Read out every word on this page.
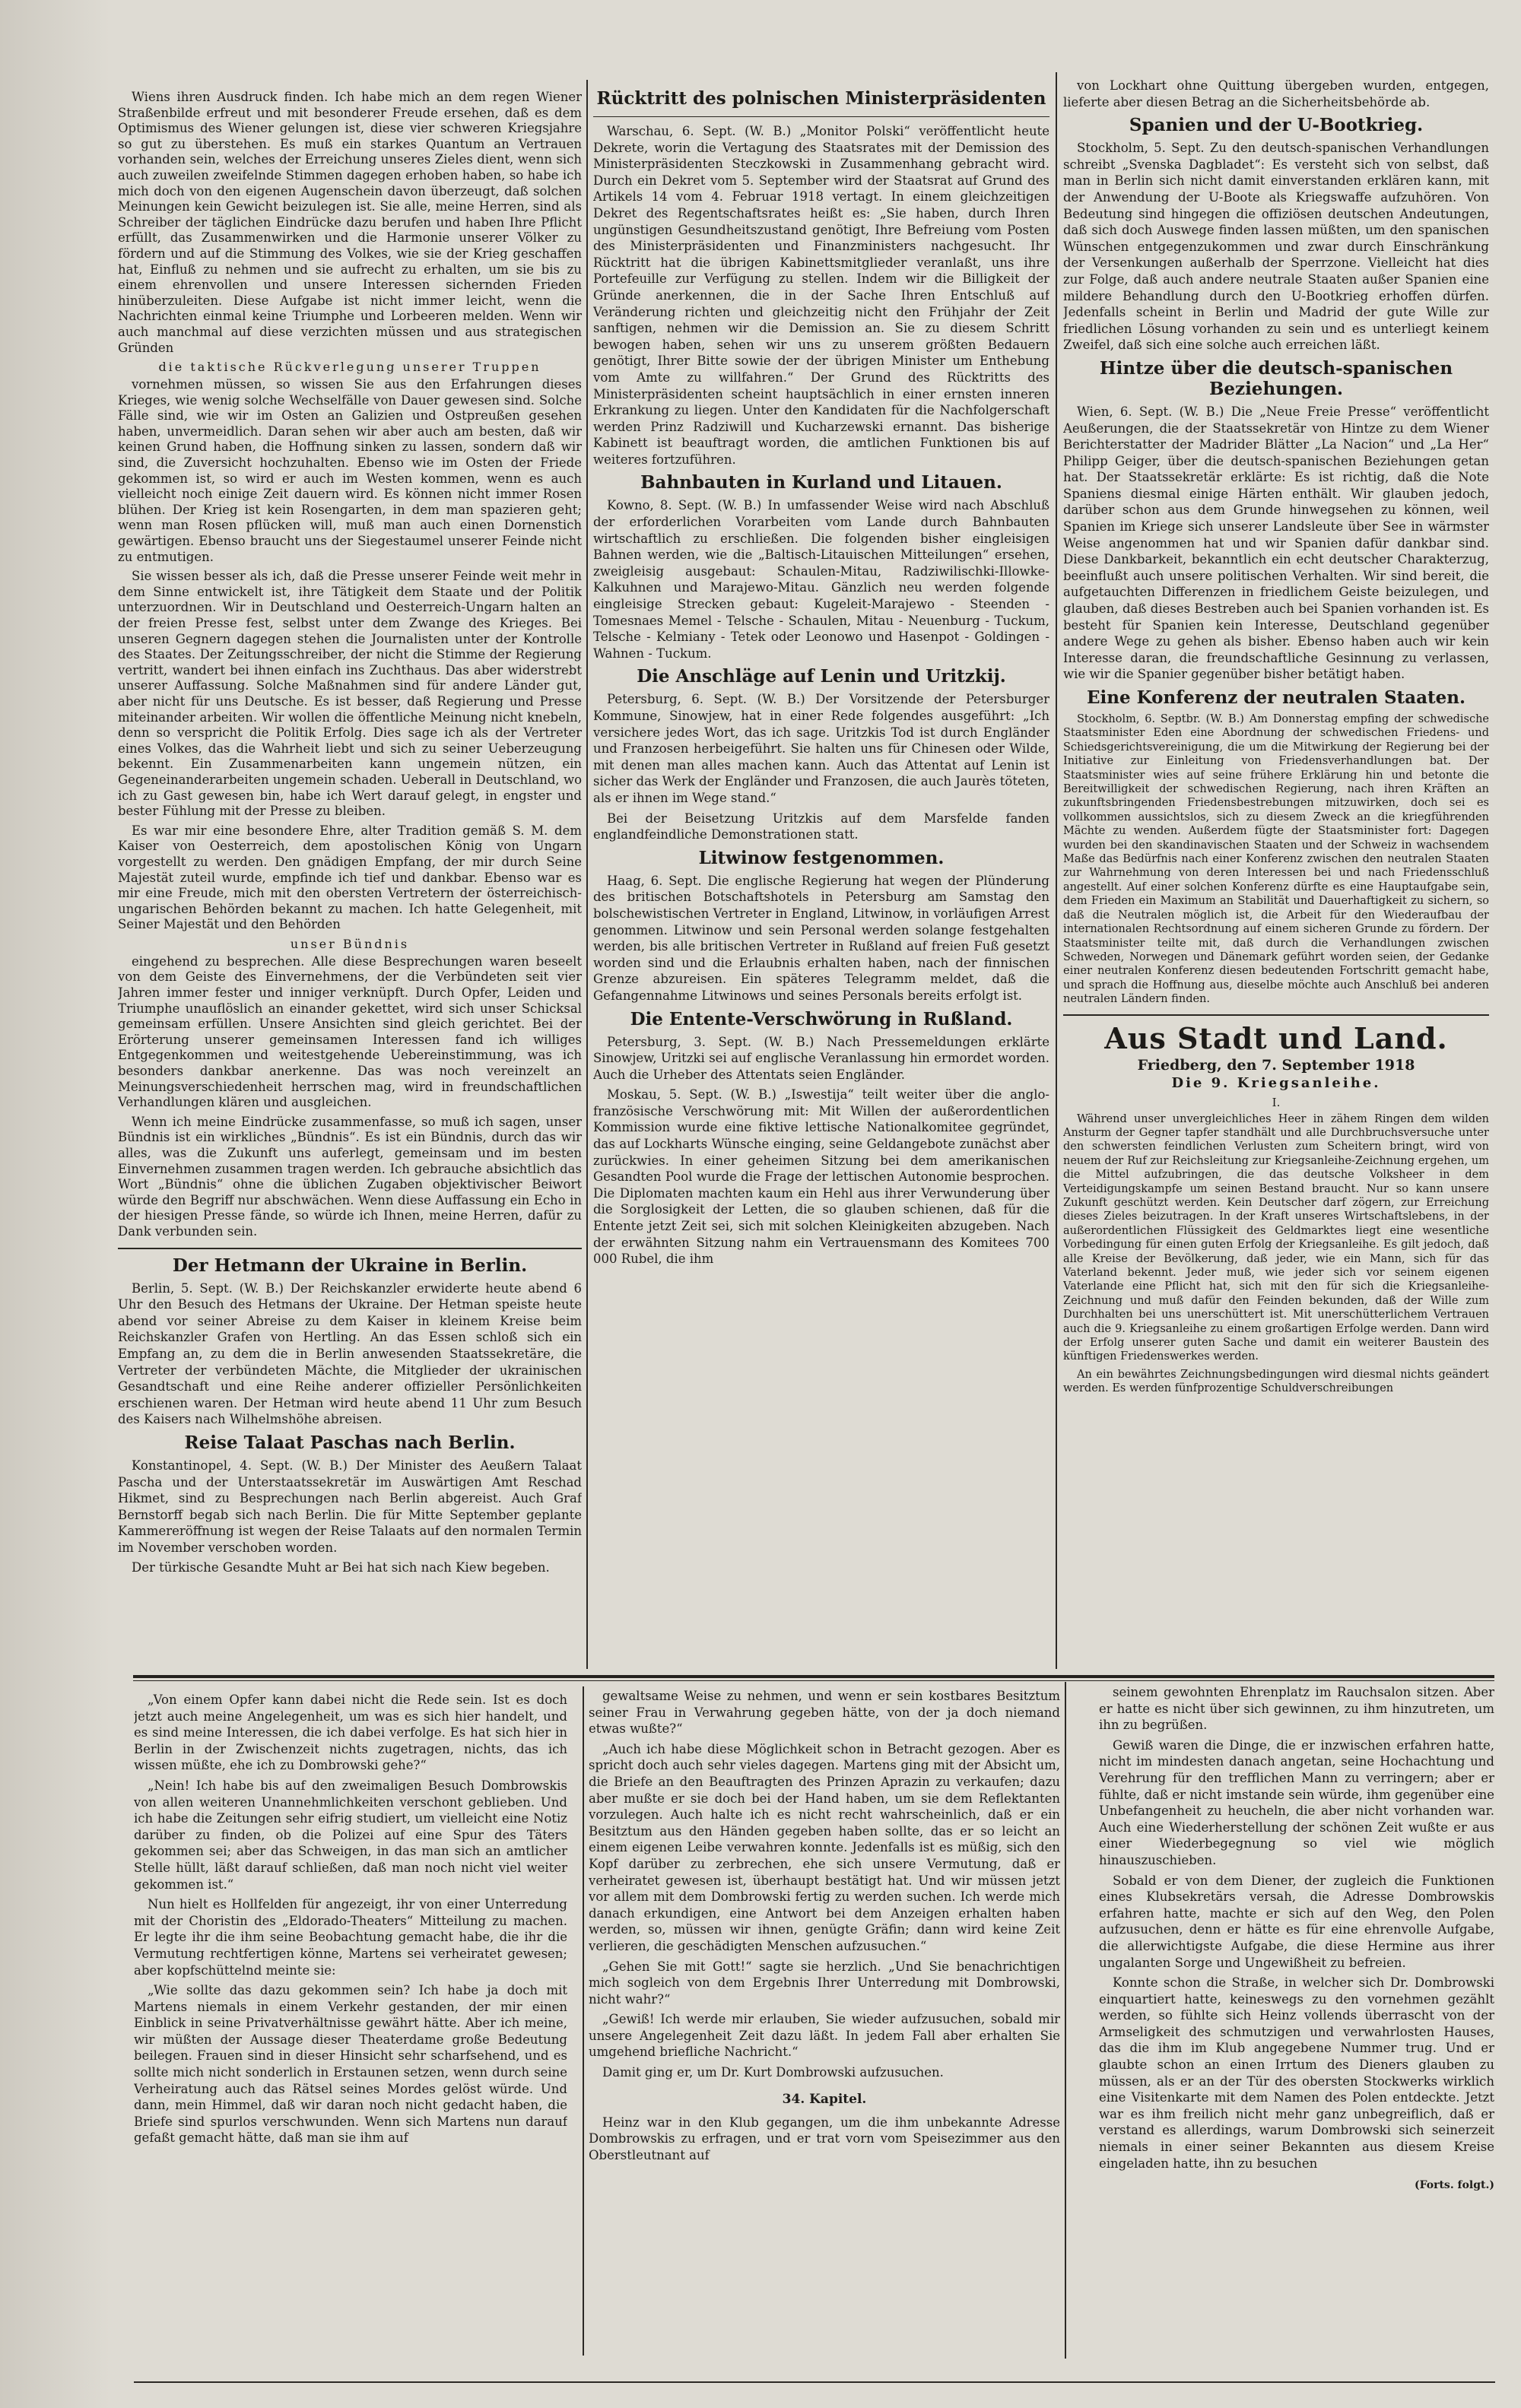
Wiens ihren Ausdruck finden. Ich habe mich an dem regen Wiener Straßenbilde erfreut und mit besonderer Freude ersehen, daß es dem Optimismus des Wiener gelungen ist, diese vier schweren Kriegsjahre so gut zu überstehen. Es muß ein starkes Quantum an Vertrauen vorhanden sein, welches der Erreichung unseres Zieles dient, wenn sich auch zuweilen zweifelnde Stimmen dagegen erhoben haben, so habe ich mich doch von den eigenen Augenschein davon überzeugt, daß solchen Meinungen kein Gewicht beizulegen ist. Sie alle, meine Herren, sind als Schreiber der täglichen Eindrücke dazu berufen und haben Ihre Pflicht erfüllt, das Zusammenwirken und die Harmonie unserer Völker zu fördern und auf die Stimmung des Volkes, wie sie der Krieg geschaffen hat, Einfluß zu nehmen und sie aufrecht zu erhalten, um sie bis zu einem ehrenvollen und unsere Interessen sichernden Frieden hinüberzuleiten. Diese Aufgabe ist nicht immer leicht, wenn die Nachrichten einmal keine Triumphe und Lorbeeren melden. Wenn wir auch manchmal auf diese verzichten müssen und aus strategischen Gründen

die taktische Rückverlegung unserer Truppen

vornehmen müssen, so wissen Sie aus den Erfahrungen dieses Krieges, wie wenig solche Wechselfälle von Dauer gewesen sind. Solche Fälle sind, wie wir im Osten an Galizien und Ostpreußen gesehen haben, unvermeidlich. Daran sehen wir aber auch am besten, daß wir keinen Grund haben, die Hoffnung sinken zu lassen, sondern daß wir sind, die Zuversicht hochzuhalten. Ebenso wie im Osten der Friede gekommen ist, so wird er auch im Westen kommen, wenn es auch vielleicht noch einige Zeit dauern wird. Es können nicht immer Rosen blühen. Der Krieg ist kein Rosengarten, in dem man spazieren geht; wenn man Rosen pflücken will, muß man auch einen Dornenstich gewärtigen. Ebenso braucht uns der Siegestaumel unserer Feinde nicht zu entmutigen.

Sie wissen besser als ich, daß die Presse unserer Feinde weit mehr in dem Sinne entwickelt ist, ihre Tätigkeit dem Staate und der Politik unterzuordnen. Wir in Deutschland und Oesterreich-Ungarn halten an der freien Presse fest, selbst unter dem Zwange des Krieges. Bei unseren Gegnern dagegen stehen die Journalisten unter der Kontrolle des Staates. Der Zeitungsschreiber, der nicht die Stimme der Regierung vertritt, wandert bei ihnen einfach ins Zuchthaus. Das aber widerstrebt unserer Auffassung. Solche Maßnahmen sind für andere Länder gut, aber nicht für uns Deutsche. Es ist besser, daß Regierung und Presse miteinander arbeiten. Wir wollen die öffentliche Meinung nicht knebeln, denn so verspricht die Politik Erfolg. Dies sage ich als der Vertreter eines Volkes, das die Wahrheit liebt und sich zu seiner Ueberzeugung bekennt. Ein Zusammenarbeiten kann ungemein nützen, ein Gegeneinanderarbeiten ungemein schaden. Ueberall in Deutschland, wo ich zu Gast gewesen bin, habe ich Wert darauf gelegt, in engster und bester Fühlung mit der Presse zu bleiben.

Es war mir eine besondere Ehre, alter Tradition gemäß S. M. dem Kaiser von Oesterreich, dem apostolischen König von Ungarn vorgestellt zu werden. Den gnädigen Empfang, der mir durch Seine Majestät zuteil wurde, empfinde ich tief und dankbar. Ebenso war es mir eine Freude, mich mit den obersten Vertretern der österreichisch-ungarischen Behörden bekannt zu machen. Ich hatte Gelegenheit, mit Seiner Majestät und den Behörden

unser Bündnis

eingehend zu besprechen. Alle diese Besprechungen waren beseelt von dem Geiste des Einvernehmens, der die Verbündeten seit vier Jahren immer fester und inniger verknüpft. Durch Opfer, Leiden und Triumphe unauflöslich an einander gekettet, wird sich unser Schicksal gemeinsam erfüllen. Unsere Ansichten sind gleich gerichtet. Bei der Erörterung unserer gemeinsamen Interessen fand ich williges Entgegenkommen und weitestgehende Uebereinstimmung, was ich besonders dankbar anerkenne. Das was noch vereinzelt an Meinungsverschiedenheit herrschen mag, wird in freundschaftlichen Verhandlungen klären und ausgleichen.

Wenn ich meine Eindrücke zusammenfasse, so muß ich sagen, unser Bündnis ist ein wirkliches „Bündnis“. Es ist ein Bündnis, durch das wir alles, was die Zukunft uns auferlegt, gemeinsam und im besten Einvernehmen zusammen tragen werden. Ich gebrauche absichtlich das Wort „Bündnis“ ohne die üblichen Zugaben objektivischer Beiwort würde den Begriff nur abschwächen. Wenn diese Auffassung ein Echo in der hiesigen Presse fände, so würde ich Ihnen, meine Herren, dafür zu Dank verbunden sein.

Der Hetmann der Ukraine in Berlin.

Berlin, 5. Sept. (W. B.) Der Reichskanzler erwiderte heute abend 6 Uhr den Besuch des Hetmans der Ukraine. Der Hetman speiste heute abend vor seiner Abreise zu dem Kaiser in kleinem Kreise beim Reichskanzler Grafen von Hertling. An das Essen schloß sich ein Empfang an, zu dem die in Berlin anwesenden Staatssekretäre, die Vertreter der verbündeten Mächte, die Mitglieder der ukrainischen Gesandtschaft und eine Reihe anderer offizieller Persönlichkeiten erschienen waren. Der Hetman wird heute abend 11 Uhr zum Besuch des Kaisers nach Wilhelmshöhe abreisen.

Reise Talaat Paschas nach Berlin.

Konstantinopel, 4. Sept. (W. B.) Der Minister des Aeußern Talaat Pascha und der Unterstaatssekretär im Auswärtigen Amt Reschad Hikmet, sind zu Besprechungen nach Berlin abgereist. Auch Graf Bernstorff begab sich nach Berlin. Die für Mitte September geplante Kammereröffnung ist wegen der Reise Talaats auf den normalen Termin im November verschoben worden.

Der türkische Gesandte Muht ar Bei hat sich nach Kiew begeben.

Rücktritt des polnischen Ministerpräsidenten

Warschau, 6. Sept. (W. B.) „Monitor Polski“ veröffentlicht heute Dekrete, worin die Vertagung des Staatsrates mit der Demission des Ministerpräsidenten Steczkowski in Zusammenhang gebracht wird. Durch ein Dekret vom 5. September wird der Staatsrat auf Grund des Artikels 14 vom 4. Februar 1918 vertagt. In einem gleichzeitigen Dekret des Regentschaftsrates heißt es: „Sie haben, durch Ihren ungünstigen Gesundheitszustand genötigt, Ihre Befreiung vom Posten des Ministerpräsidenten und Finanzministers nachgesucht. Ihr Rücktritt hat die übrigen Kabinettsmitglieder veranlaßt, uns ihre Portefeuille zur Verfügung zu stellen. Indem wir die Billigkeit der Gründe anerkennen, die in der Sache Ihren Entschluß auf Veränderung richten und gleichzeitig nicht den Frühjahr der Zeit sanftigen, nehmen wir die Demission an. Sie zu diesem Schritt bewogen haben, sehen wir uns zu unserem größten Bedauern genötigt, Ihrer Bitte sowie der der übrigen Minister um Enthebung vom Amte zu willfahren.“ Der Grund des Rücktritts des Ministerpräsidenten scheint hauptsächlich in einer ernsten inneren Erkrankung zu liegen. Unter den Kandidaten für die Nachfolgerschaft werden Prinz Radziwill und Kucharzewski ernannt. Das bisherige Kabinett ist beauftragt worden, die amtlichen Funktionen bis auf weiteres fortzuführen.

Bahnbauten in Kurland und Litauen.

Kowno, 8. Sept. (W. B.) In umfassender Weise wird nach Abschluß der erforderlichen Vorarbeiten vom Lande durch Bahnbauten wirtschaftlich zu erschließen. Die folgenden bisher eingleisigen Bahnen werden, wie die „Baltisch-Litauischen Mitteilungen“ ersehen, zweigleisig ausgebaut: Schaulen-Mitau, Radziwilischki-Illowke-Kalkuhnen und Marajewo-Mitau. Gänzlich neu werden folgende eingleisige Strecken gebaut: Kugeleit-Marajewo - Steenden - Tomesnaes Memel - Telsche - Schaulen, Mitau - Neuenburg - Tuckum, Telsche - Kelmiany - Tetek oder Leonowo und Hasenpot - Goldingen - Wahnen - Tuckum.

Die Anschläge auf Lenin und Uritzkij.

Petersburg, 6. Sept. (W. B.) Der Vorsitzende der Petersburger Kommune, Sinowjew, hat in einer Rede folgendes ausgeführt: „Ich versichere jedes Wort, das ich sage. Uritzkis Tod ist durch Engländer und Franzosen herbeigeführt. Sie halten uns für Chinesen oder Wilde, mit denen man alles machen kann. Auch das Attentat auf Lenin ist sicher das Werk der Engländer und Franzosen, die auch Jaurès töteten, als er ihnen im Wege stand.“

Bei der Beisetzung Uritzkis auf dem Marsfelde fanden englandfeindliche Demonstrationen statt.

Litwinow festgenommen.

Haag, 6. Sept. Die englische Regierung hat wegen der Plünderung des britischen Botschaftshotels in Petersburg am Samstag den bolschewistischen Vertreter in England, Litwinow, in vorläufigen Arrest genommen. Litwinow und sein Personal werden solange festgehalten werden, bis alle britischen Vertreter in Rußland auf freien Fuß gesetzt worden sind und die Erlaubnis erhalten haben, nach der finnischen Grenze abzureisen. Ein späteres Telegramm meldet, daß die Gefangennahme Litwinows und seines Personals bereits erfolgt ist.

Die Entente-Verschwörung in Rußland.

Petersburg, 3. Sept. (W. B.) Nach Pressemeldungen erklärte Sinowjew, Uritzki sei auf englische Veranlassung hin ermordet worden. Auch die Urheber des Attentats seien Engländer.

Moskau, 5. Sept. (W. B.) „Iswestija“ teilt weiter über die anglo-französische Verschwörung mit: Mit Willen der außerordentlichen Kommission wurde eine fiktive lettische Nationalkomitee gegründet, das auf Lockharts Wünsche einging, seine Geldangebote zunächst aber zurückwies. In einer geheimen Sitzung bei dem amerikanischen Gesandten Pool wurde die Frage der lettischen Autonomie besprochen. Die Diplomaten machten kaum ein Hehl aus ihrer Verwunderung über die Sorglosigkeit der Letten, die so glauben schienen, daß für die Entente jetzt Zeit sei, sich mit solchen Kleinigkeiten abzugeben. Nach der erwähnten Sitzung nahm ein Vertrauensmann des Komitees 700 000 Rubel, die ihm

von Lockhart ohne Quittung übergeben wurden, entgegen, lieferte aber diesen Betrag an die Sicherheitsbehörde ab.

Spanien und der U-Bootkrieg.

Stockholm, 5. Sept. Zu den deutsch-spanischen Verhandlungen schreibt „Svenska Dagbladet“: Es versteht sich von selbst, daß man in Berlin sich nicht damit einverstanden erklären kann, mit der Anwendung der U-Boote als Kriegswaffe aufzuhören. Von Bedeutung sind hingegen die offiziösen deutschen Andeutungen, daß sich doch Auswege finden lassen müßten, um den spanischen Wünschen entgegenzukommen und zwar durch Einschränkung der Versenkungen außerhalb der Sperrzone. Vielleicht hat dies zur Folge, daß auch andere neutrale Staaten außer Spanien eine mildere Behandlung durch den U-Bootkrieg erhoffen dürfen. Jedenfalls scheint in Berlin und Madrid der gute Wille zur friedlichen Lösung vorhanden zu sein und es unterliegt keinem Zweifel, daß sich eine solche auch erreichen läßt.

Hintze über die deutsch-spanischen Beziehungen.

Wien, 6. Sept. (W. B.) Die „Neue Freie Presse“ veröffentlicht Aeußerungen, die der Staatssekretär von Hintze zu dem Wiener Berichterstatter der Madrider Blätter „La Nacion“ und „La Her“ Philipp Geiger, über die deutsch-spanischen Beziehungen getan hat. Der Staatssekretär erklärte: Es ist richtig, daß die Note Spaniens diesmal einige Härten enthält. Wir glauben jedoch, darüber schon aus dem Grunde hinwegsehen zu können, weil Spanien im Kriege sich unserer Landsleute über See in wärmster Weise angenommen hat und wir Spanien dafür dankbar sind. Diese Dankbarkeit, bekanntlich ein echt deutscher Charakterzug, beeinflußt auch unsere politischen Verhalten. Wir sind bereit, die aufgetauchten Differenzen in friedlichem Geiste beizulegen, und glauben, daß dieses Bestreben auch bei Spanien vorhanden ist. Es besteht für Spanien kein Interesse, Deutschland gegenüber andere Wege zu gehen als bisher. Ebenso haben auch wir kein Interesse daran, die freundschaftliche Gesinnung zu verlassen, wie wir die Spanier gegenüber bisher betätigt haben.

Eine Konferenz der neutralen Staaten.

Stockholm, 6. Septbr. (W. B.) Am Donnerstag empfing der schwedische Staatsminister Eden eine Abordnung der schwedischen Friedens- und Schiedsgerichtsvereinigung, die um die Mitwirkung der Regierung bei der Initiative zur Einleitung von Friedensverhandlungen bat. Der Staatsminister wies auf seine frühere Erklärung hin und betonte die Bereitwilligkeit der schwedischen Regierung, nach ihren Kräften an zukunftsbringenden Friedensbestrebungen mitzuwirken, doch sei es vollkommen aussichtslos, sich zu diesem Zweck an die kriegführenden Mächte zu wenden. Außerdem fügte der Staatsminister fort: Dagegen wurden bei den skandinavischen Staaten und der Schweiz in wachsendem Maße das Bedürfnis nach einer Konferenz zwischen den neutralen Staaten zur Wahrnehmung von deren Interessen bei und nach Friedensschluß angestellt. Auf einer solchen Konferenz dürfte es eine Hauptaufgabe sein, dem Frieden ein Maximum an Stabilität und Dauerhaftigkeit zu sichern, so daß die Neutralen möglich ist, die Arbeit für den Wiederaufbau der internationalen Rechtsordnung auf einem sicheren Grunde zu fördern. Der Staatsminister teilte mit, daß durch die Verhandlungen zwischen Schweden, Norwegen und Dänemark geführt worden seien, der Gedanke einer neutralen Konferenz diesen bedeutenden Fortschritt gemacht habe, und sprach die Hoffnung aus, dieselbe möchte auch Anschluß bei anderen neutralen Ländern finden.

Aus Stadt und Land.
Friedberg, den 7. September 1918
Die 9. Kriegsanleihe.
I.

Während unser unvergleichliches Heer in zähem Ringen dem wilden Ansturm der Gegner tapfer standhält und alle Durchbruchsversuche unter den schwersten feindlichen Verlusten zum Scheitern bringt, wird von neuem der Ruf zur Reichsleitung zur Kriegsanleihe-Zeichnung ergehen, um die Mittel aufzubringen, die das deutsche Volksheer in dem Verteidigungskampfe um seinen Bestand braucht. Nur so kann unsere Zukunft geschützt werden. Kein Deutscher darf zögern, zur Erreichung dieses Zieles beizutragen. In der Kraft unseres Wirtschaftslebens, in der außerordentlichen Flüssigkeit des Geldmarktes liegt eine wesentliche Vorbedingung für einen guten Erfolg der Kriegsanleihe. Es gilt jedoch, daß alle Kreise der Bevölkerung, daß jeder, wie ein Mann, sich für das Vaterland bekennt. Jeder muß, wie jeder sich vor seinem eigenen Vaterlande eine Pflicht hat, sich mit den für sich die Kriegsanleihe-Zeichnung und muß dafür den Feinden bekunden, daß der Wille zum Durchhalten bei uns unerschüttert ist. Mit unerschütterlichem Vertrauen auch die 9. Kriegsanleihe zu einem großartigen Erfolge werden. Dann wird der Erfolg unserer guten Sache und damit ein weiterer Baustein des künftigen Friedenswerkes werden.

An ein bewährtes Zeichnungsbedingungen wird diesmal nichts geändert werden. Es werden fünfprozentige Schuldverschreibungen

„Von einem Opfer kann dabei nicht die Rede sein. Ist es doch jetzt auch meine Angelegenheit, um was es sich hier handelt, und es sind meine Interessen, die ich dabei verfolge. Es hat sich hier in Berlin in der Zwischenzeit nichts zugetragen, nichts, das ich wissen müßte, ehe ich zu Dombrowski gehe?“

„Nein! Ich habe bis auf den zweimaligen Besuch Dombrowskis von allen weiteren Unannehmlichkeiten verschont geblieben. Und ich habe die Zeitungen sehr eifrig studiert, um vielleicht eine Notiz darüber zu finden, ob die Polizei auf eine Spur des Täters gekommen sei; aber das Schweigen, in das man sich an amtlicher Stelle hüllt, läßt darauf schließen, daß man noch nicht viel weiter gekommen ist.“

Nun hielt es Hollfelden für angezeigt, ihr von einer Unterredung mit der Choristin des „Eldorado-Theaters“ Mitteilung zu machen. Er legte ihr die ihm seine Beobachtung gemacht habe, die ihr die Vermutung rechtfertigen könne, Martens sei verheiratet gewesen; aber kopfschüttelnd meinte sie:

„Wie sollte das dazu gekommen sein? Ich habe ja doch mit Martens niemals in einem Verkehr gestanden, der mir einen Einblick in seine Privatverhältnisse gewährt hätte. Aber ich meine, wir müßten der Aussage dieser Theaterdame große Bedeutung beilegen. Frauen sind in dieser Hinsicht sehr scharfsehend, und es sollte mich nicht sonderlich in Erstaunen setzen, wenn durch seine Verheiratung auch das Rätsel seines Mordes gelöst würde. Und dann, mein Himmel, daß wir daran noch nicht gedacht haben, die Briefe sind spurlos verschwunden. Wenn sich Martens nun darauf gefaßt gemacht hätte, daß man sie ihm auf

gewaltsame Weise zu nehmen, und wenn er sein kostbares Besitztum seiner Frau in Verwahrung gegeben hätte, von der ja doch niemand etwas wußte?“

„Auch ich habe diese Möglichkeit schon in Betracht gezogen. Aber es spricht doch auch sehr vieles dagegen. Martens ging mit der Absicht um, die Briefe an den Beauftragten des Prinzen Aprazin zu verkaufen; dazu aber mußte er sie doch bei der Hand haben, um sie dem Reflektanten vorzulegen. Auch halte ich es nicht recht wahrscheinlich, daß er ein Besitztum aus den Händen gegeben haben sollte, das er so leicht an einem eigenen Leibe verwahren konnte. Jedenfalls ist es müßig, sich den Kopf darüber zu zerbrechen, ehe sich unsere Vermutung, daß er verheiratet gewesen ist, überhaupt bestätigt hat. Und wir müssen jetzt vor allem mit dem Dombrowski fertig zu werden suchen. Ich werde mich danach erkundigen, eine Antwort bei dem Anzeigen erhalten haben werden, so, müssen wir ihnen, genügte Gräfin; dann wird keine Zeit verlieren, die geschädigten Menschen aufzusuchen.“

„Gehen Sie mit Gott!“ sagte sie herzlich. „Und Sie benachrichtigen mich sogleich von dem Ergebnis Ihrer Unterredung mit Dombrowski, nicht wahr?“

„Gewiß! Ich werde mir erlauben, Sie wieder aufzusuchen, sobald mir unsere Angelegenheit Zeit dazu läßt. In jedem Fall aber erhalten Sie umgehend briefliche Nachricht.“

Damit ging er, um Dr. Kurt Dombrowski aufzusuchen.

34. Kapitel.

Heinz war in den Klub gegangen, um die ihm unbekannte Adresse Dombrowskis zu erfragen, und er trat vorn vom Speisezimmer aus den Oberstleutnant auf

seinem gewohnten Ehrenplatz im Rauchsalon sitzen. Aber er hatte es nicht über sich gewinnen, zu ihm hinzutreten, um ihn zu begrüßen.

Gewiß waren die Dinge, die er inzwischen erfahren hatte, nicht im mindesten danach angetan, seine Hochachtung und Verehrung für den trefflichen Mann zu verringern; aber er fühlte, daß er nicht imstande sein würde, ihm gegenüber eine Unbefangenheit zu heucheln, die aber nicht vorhanden war. Auch eine Wiederherstellung der schönen Zeit wußte er aus einer Wiederbegegnung so viel wie möglich hinauszuschieben.

Sobald er von dem Diener, der zugleich die Funktionen eines Klubsekretärs versah, die Adresse Dombrowskis erfahren hatte, machte er sich auf den Weg, den Polen aufzusuchen, denn er hätte es für eine ehrenvolle Aufgabe, die allerwichtigste Aufgabe, die diese Hermine aus ihrer ungalanten Sorge und Ungewißheit zu befreien.

Konnte schon die Straße, in welcher sich Dr. Dombrowski einquartiert hatte, keineswegs zu den vornehmen gezählt werden, so fühlte sich Heinz vollends überrascht von der Armseligkeit des schmutzigen und verwahrlosten Hauses, das die ihm im Klub angegebene Nummer trug. Und er glaubte schon an einen Irrtum des Dieners glauben zu müssen, als er an der Tür des obersten Stockwerks wirklich eine Visitenkarte mit dem Namen des Polen entdeckte. Jetzt war es ihm freilich nicht mehr ganz unbegreiflich, daß er verstand es allerdings, warum Dombrowski sich seinerzeit niemals in einer seiner Bekannten aus diesem Kreise eingeladen hatte, ihn zu besuchen

(Forts. folgt.)
